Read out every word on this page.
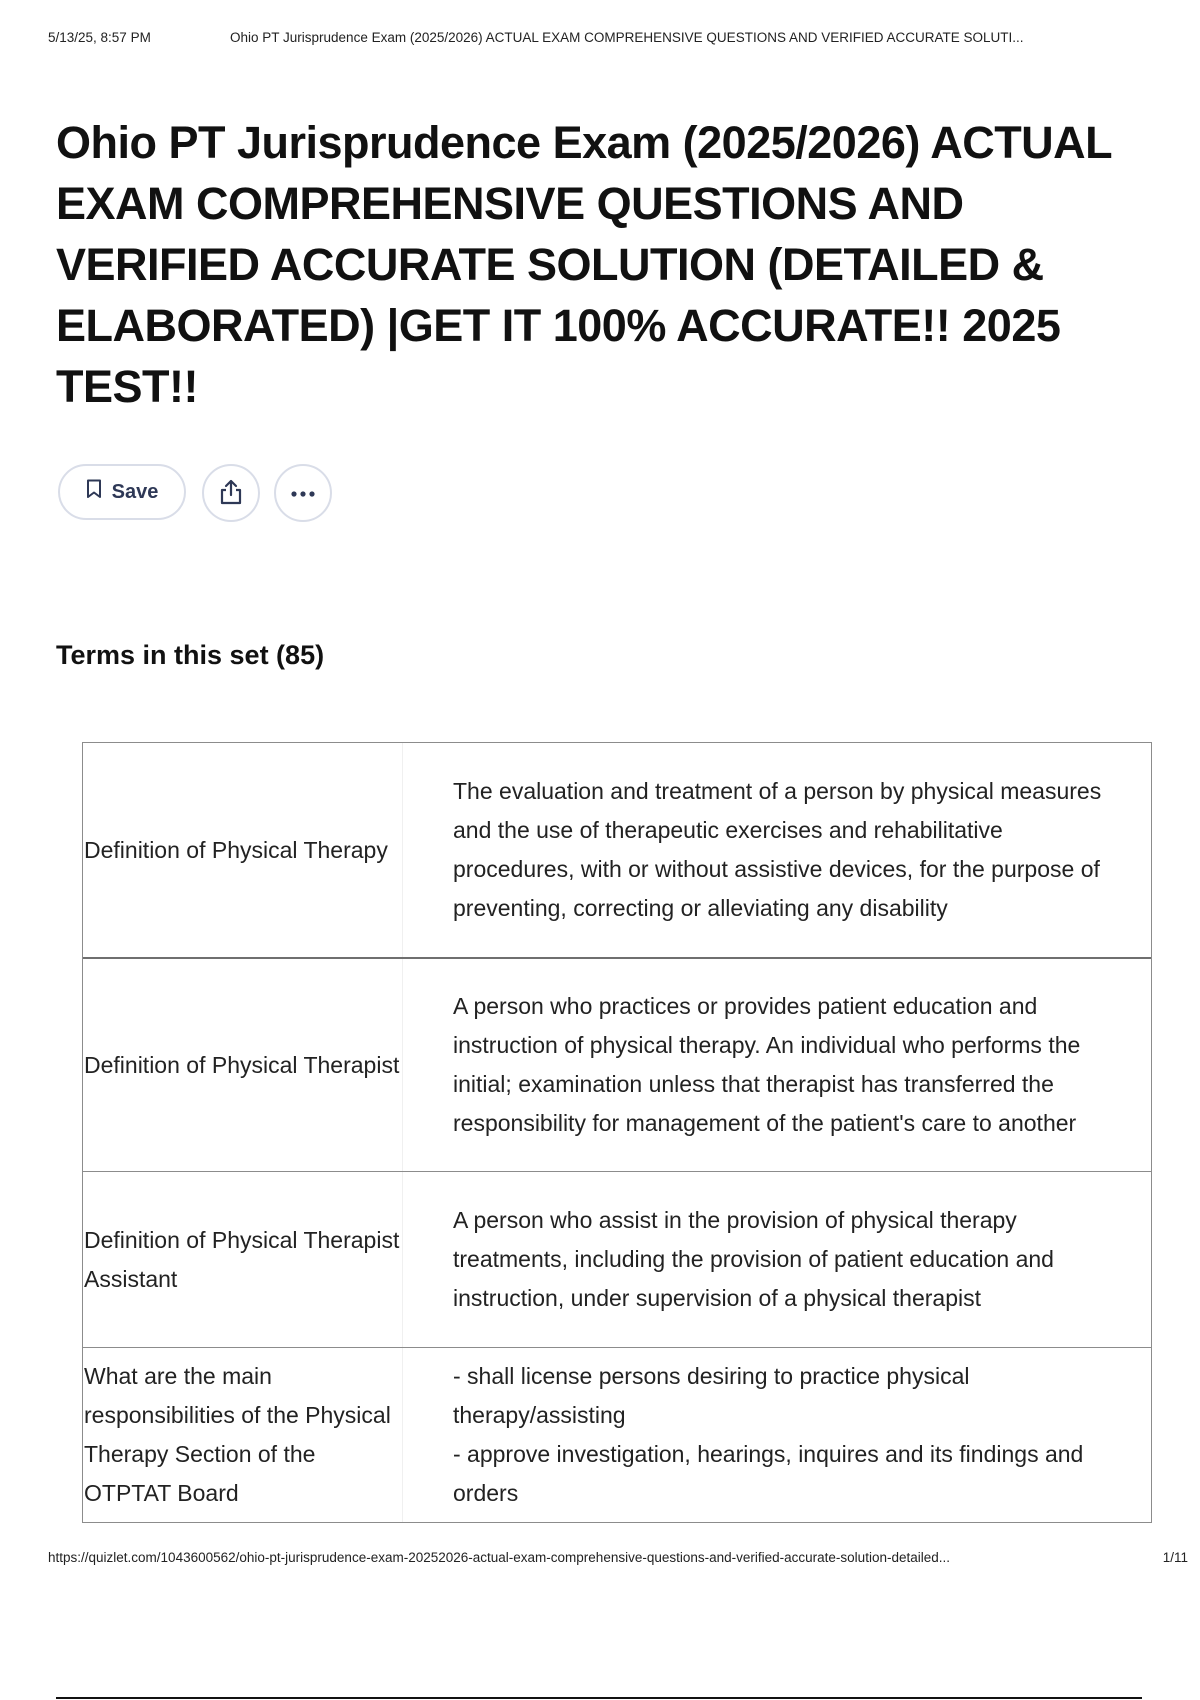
5/13/25, 8:57 PM	Ohio PT Jurisprudence Exam (2025/2026) ACTUAL EXAM COMPREHENSIVE QUESTIONS AND VERIFIED ACCURATE SOLUTI...
Ohio PT Jurisprudence Exam (2025/2026) ACTUAL EXAM COMPREHENSIVE QUESTIONS AND VERIFIED ACCURATE SOLUTION (DETAILED & ELABORATED) |GET IT 100% ACCURATE!! 2025 TEST!!
Save
Terms in this set (85)
Definition of Physical Therapy
The evaluation and treatment of a person by physical measures and the use of therapeutic exercises and rehabilitative procedures, with or without assistive devices, for the purpose of preventing, correcting or alleviating any disability
Definition of Physical Therapist
A person who practices or provides patient education and instruction of physical therapy. An individual who performs the initial; examination unless that therapist has transferred the responsibility for management of the patient's care to another
Definition of Physical Therapist Assistant
A person who assist in the provision of physical therapy treatments, including the provision of patient education and instruction, under supervision of a physical therapist
What are the main responsibilities of the Physical Therapy Section of the OTPTAT Board
- shall license persons desiring to practice physical therapy/assisting
- approve investigation, hearings, inquires and its findings and orders
https://quizlet.com/1043600562/ohio-pt-jurisprudence-exam-20252026-actual-exam-comprehensive-questions-and-verified-accurate-solution-detailed...	1/11
